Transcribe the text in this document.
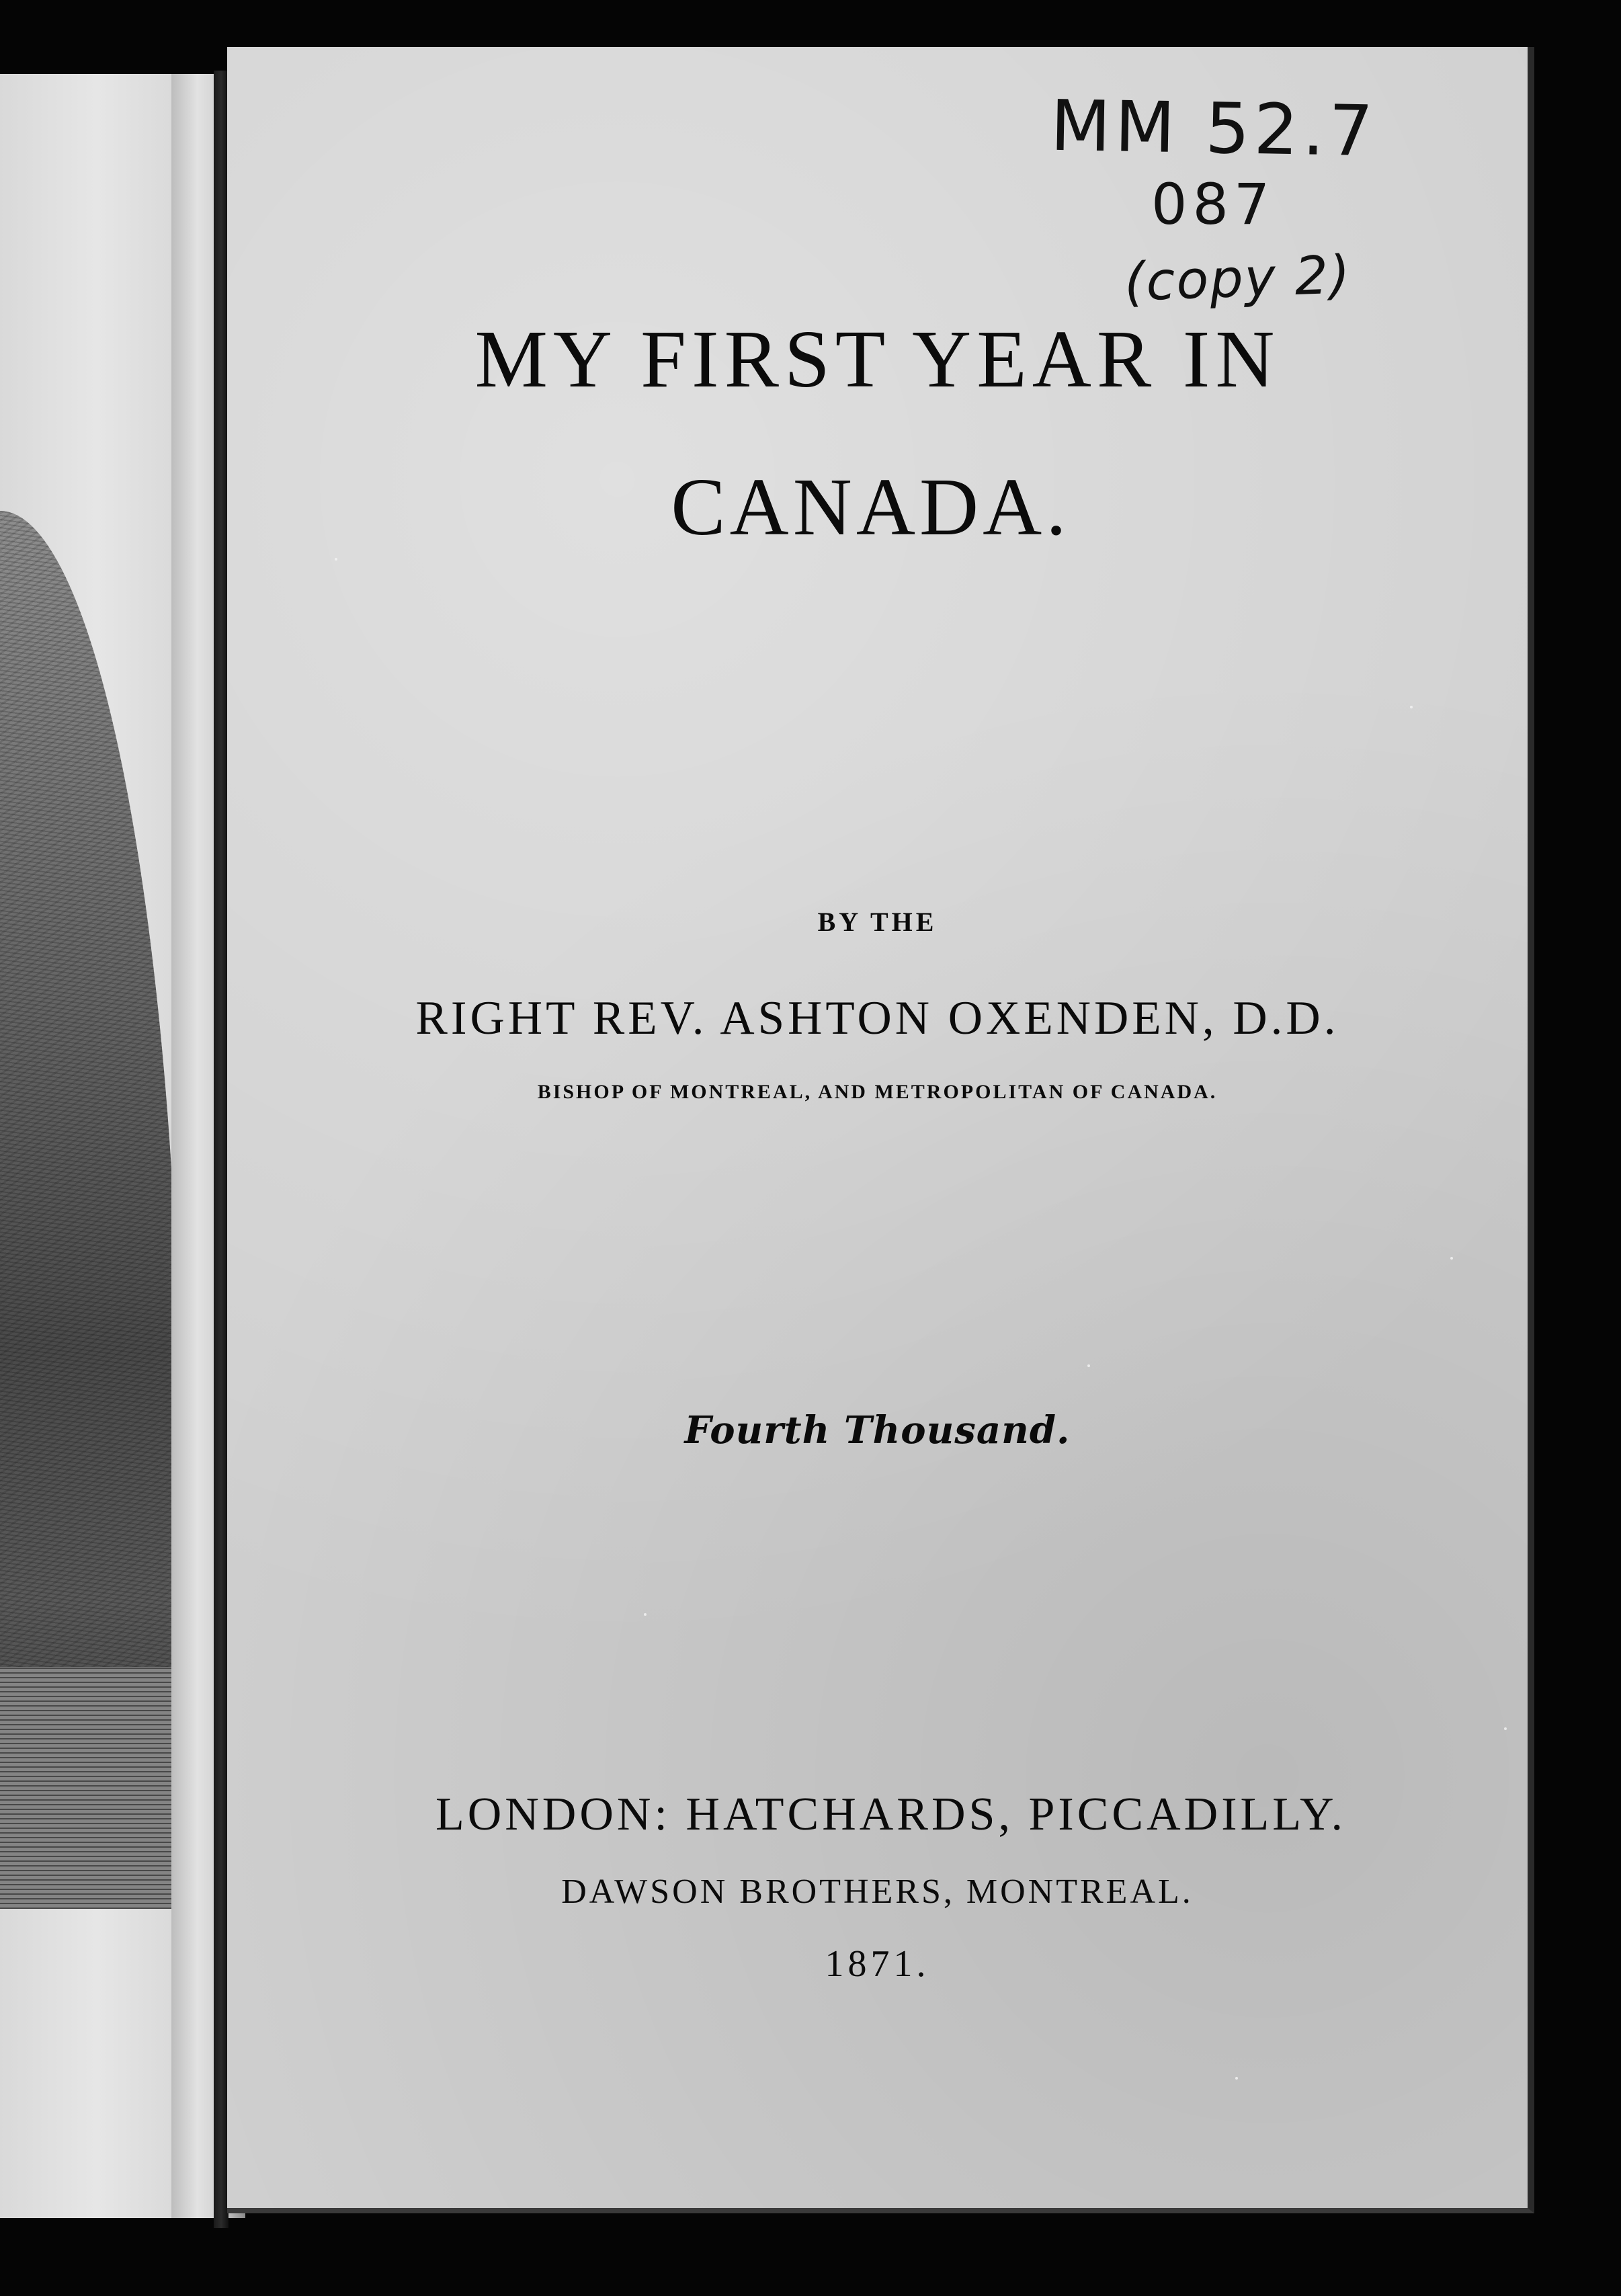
MM 52.7
087
(copy 2)
MY FIRST YEAR IN
CANADA.
BY THE
RIGHT REV. ASHTON OXENDEN, D.D.
BISHOP OF MONTREAL, AND METROPOLITAN OF CANADA.
Fourth Thousand.
LONDON: HATCHARDS, PICCADILLY.
DAWSON BROTHERS, MONTREAL.
1871.
